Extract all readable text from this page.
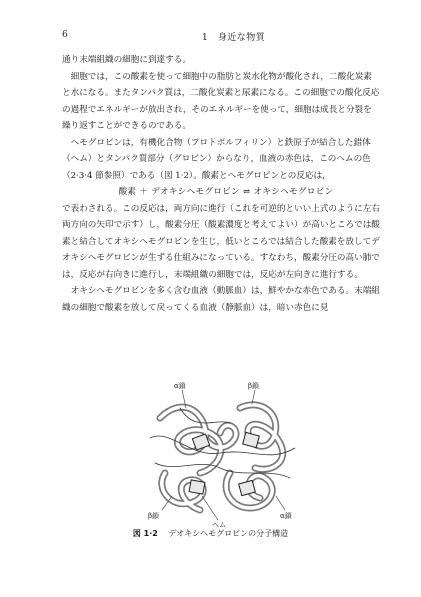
6	1　身近な物質

通り末端組織の細胞に到達する。

細胞では，この酸素を使って細胞中の脂肪と炭水化物が酸化され，二酸化炭素と水になる。またタンパク質は，二酸化炭素と尿素になる。この細胞での酸化反応の過程でエネルギーが放出され，そのエネルギーを使って，細胞は成長と分裂を繰り返すことができるのである。

ヘモグロビンは，有機化合物（プロトポルフィリン）と鉄原子が結合した錯体（ヘム）とタンパク質部分（グロビン）からなり，血液の赤色は，このヘムの色（2·3·4 節参照）である（図 1·2）。酸素とヘモグロビンとの反応は，

酸素 ＋ デオキシヘモグロビン ⇌ オキシヘモグロビン

で表わされる。この反応は，両方向に進行（これを可逆的といい上式のように左右両方向の矢印で示す）し，酸素分圧（酸素濃度と考えてよい）が高いところでは酸素と結合してオキシヘモグロビンを生じ，低いところでは結合した酸素を放してデオキシヘモグロビンが生ずる仕組みになっている。すなわち，酸素分圧の高い肺では，反応が右向きに進行し，末端組織の細胞では，反応が左向きに進行する。

オキシヘモグロビンを多く含む血液（動脈血）は，鮮やかな赤色である。末端組織の細胞で酸素を放して戻ってくる血液（静脈血）は，暗い赤色に見

α鎖	β鎖
β鎖	α鎖
ヘム
図 1·2 デオキシヘモグロビンの分子構造
